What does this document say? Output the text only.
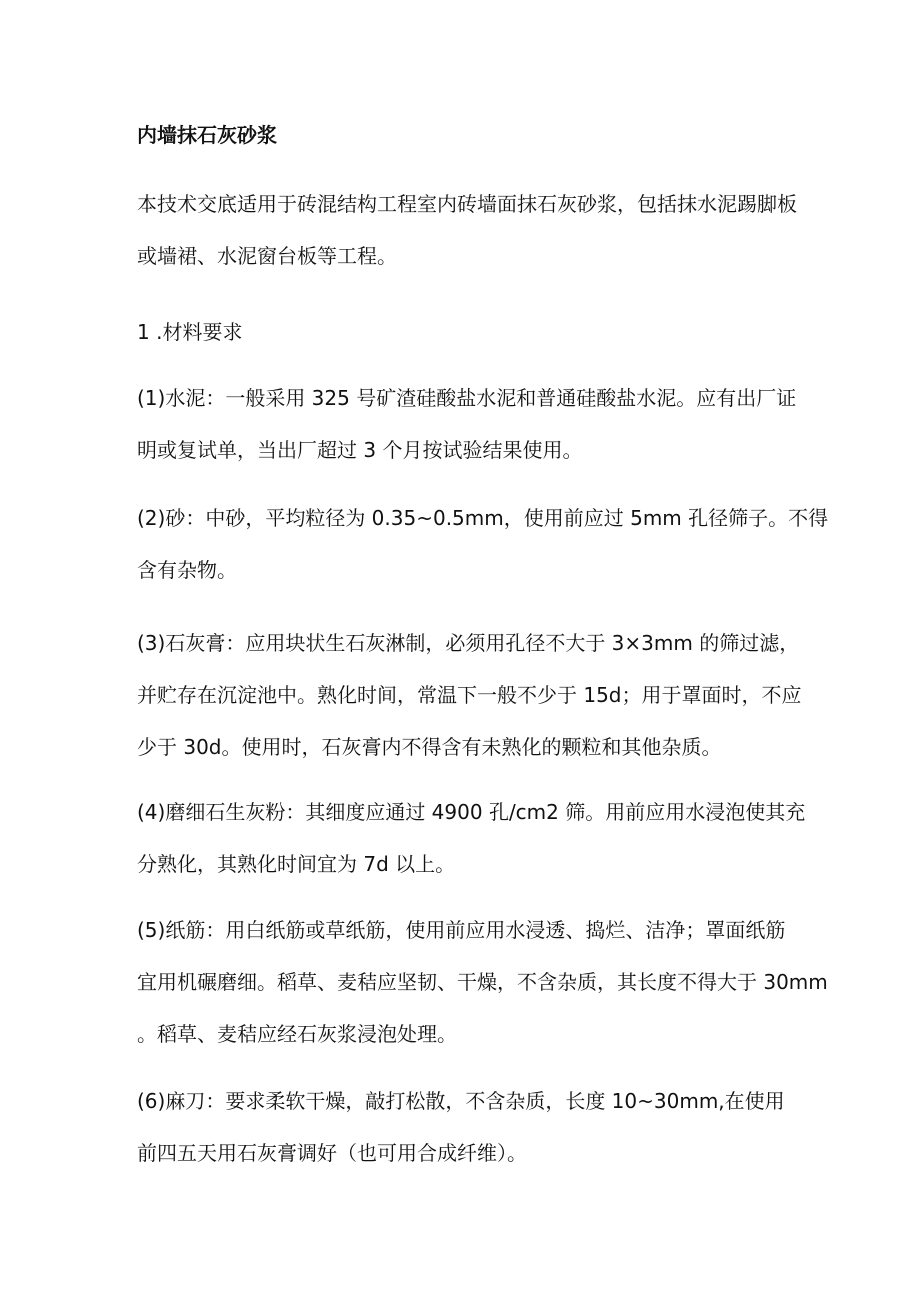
内墙抹石灰砂浆
本技术交底适用于砖混结构工程室内砖墙面抹石灰砂浆，包括抹水泥踢脚板
或墙裙、水泥窗台板等工程。
1 .材料要求
(1)水泥：一般采用 325 号矿渣硅酸盐水泥和普通硅酸盐水泥。应有出厂证
明或复试单，当出厂超过 3 个月按试验结果使用。
(2)砂：中砂，平均粒径为 0.35~0.5mm，使用前应过 5mm 孔径筛子。不得
含有杂物。
(3)石灰膏：应用块状生石灰淋制，必须用孔径不大于 3×3mm 的筛过滤，
并贮存在沉淀池中。熟化时间，常温下一般不少于 15d；用于罩面时，不应
少于 30d。使用时，石灰膏内不得含有未熟化的颗粒和其他杂质。
(4)磨细石生灰粉：其细度应通过 4900 孔/cm2 筛。用前应用水浸泡使其充
分熟化，其熟化时间宜为 7d 以上。
(5)纸筋：用白纸筋或草纸筋，使用前应用水浸透、捣烂、洁净；罩面纸筋
宜用机碾磨细。稻草、麦秸应坚韧、干燥，不含杂质，其长度不得大于 30mm
。稻草、麦秸应经石灰浆浸泡处理。
(6)麻刀：要求柔软干燥，敲打松散，不含杂质，长度 10~30mm,在使用
前四五天用石灰膏调好（也可用合成纤维）。
